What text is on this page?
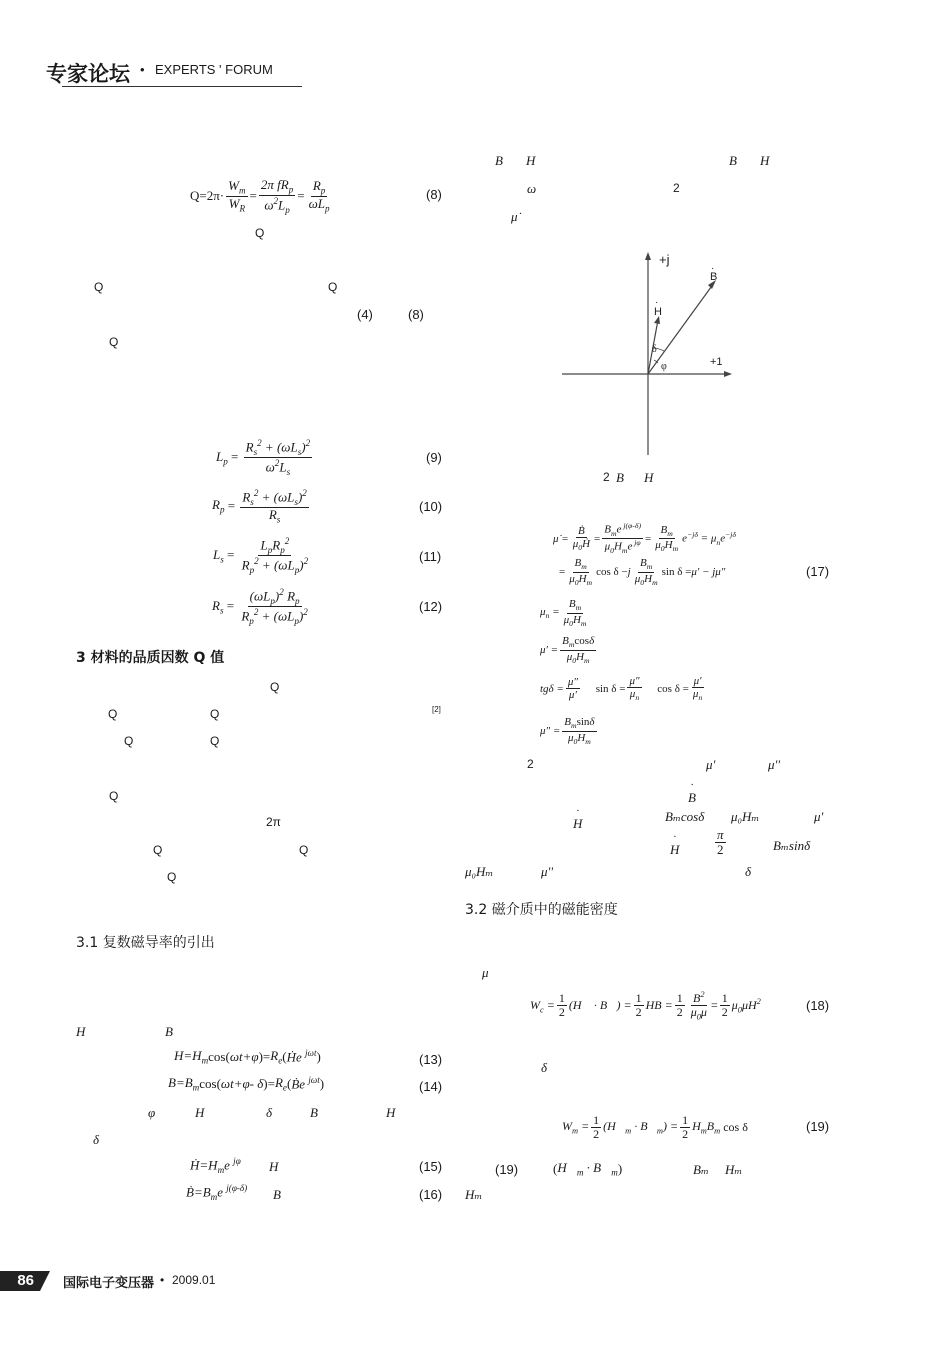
专家论坛 • EXPERTS ' FORUM
$Q=2\pi\cdot \frac{W_m}{W_R} = \frac{2\pi fR_p}{\omega^2L_p} = \frac{R_p}{\omega L_p}$	(8)
Q
Q	Q
(4)	(8)
Q
$L_p = \frac{R_s^2 + (\omega L_s)^2}{\omega^2L_s}$	(9)
$R_p = \frac{R_s^2 + (\omega L_s)^2}{R_s}$	(10)
$L_s = \frac{L_pR_p^2}{R_p^2 + (\omega L_p)^2}$	(11)
$R_s = \frac{(\omega L_p)^2 R_p}{R_p^2 + (\omega L_p)^2}$	(12)
3 材料的品质因数 Q 值
Q
Q	Q	[2]
Q	Q
Q
2π
Q	Q
Q
3.1 复数磁导率的引出
H	B
$H=H_m$ cos( ωt+φ )= $R_e$ ( Ḣe $^{j\omega t}$ )	(13)
$B=B_m$ cos( ωt+φ- δ )= $R_e$ ( Ḃe $^{j\omega t}$ )	(14)
φ	H	δ	B	H
δ
$Ḣ=H_me$ $^{j\varphi}$ H	(15)
$Ḃ=B_me$ $^{j(\varphi-\delta)}$ B	(16)
B H	B H
ω	2
μ̇
+j
+1
B
·
H
·
δ
φ
2 B H
μ̇ = $\frac{\text{Ḃ}}{\mu_0Ḣ} = \frac{B_me ^{j(\varphi-\delta)}}{\mu_0H_me ^{j\varphi}} = \frac{B_m}{\mu_0H_m} e^{-j\delta} = \mu_ne^{-j\delta}$
= $\frac{B_m}{\mu_0H_m}$ cos δ − j $\frac{B_m}{\mu_0H_m}$ sin δ = μ′ − jμ″	(17)
$\mu_n = \frac{B_m}{\mu_0H_m}$
$\mu' = \frac{B_m\cos\delta}{\mu_0H_m}$
$tg\delta = \frac{\mu''}{\mu'}$ $\sin \delta = \frac{\mu''}{\mu_n}$ $\cos \delta = \frac{\mu'}{\mu_n}$
$\mu'' = \frac{B_m\sin\delta}{\mu_0H_m}$
2	μ'	μ''
·
B
·
H	Bₘcosδ μ₀Hₘ	μ'
·
H	$\frac{\pi}{2}$	Bₘsinδ
μ₀Hₘ	μ''	δ
3.2 磁介质中的磁能密度
μ
$W_c = \frac{1}{2}$ (H⃗ · B⃗) = $\frac{1}{2}$ HB = $\frac{1}{2} \frac{B^2}{\mu_0\mu} = \frac{1}{2} \mu_0\mu H^2$	(18)
δ
$W_m = \frac{1}{2}$ ($H⃗_m$ · $B⃗_m) = \frac{1}{2} H_mB_m$ cos δ	(19)
(19)	( $H⃗_m$ · $B⃗_m$ )	Bₘ Hₘ
Hₘ
86	国际电子变压器 • 2009.01
